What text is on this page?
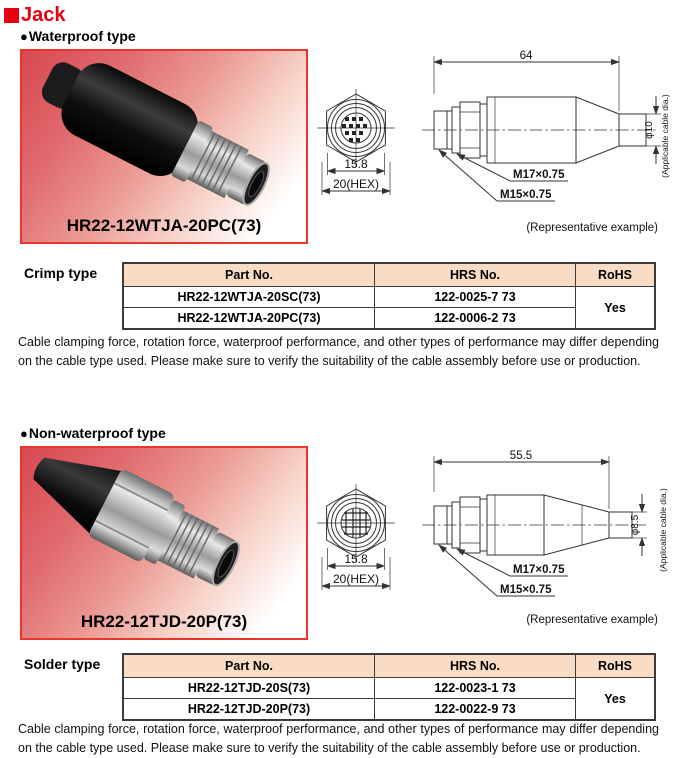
Jack
●Waterproof type
HR22-12WTJA-20PC(73)
64
15.8
20(HEX)
M17×0.75
M15×0.75
φ10 (Applicable cable dia.)
(Representative example)
Crimp type	Part No.	HRS No.	RoHS
HR22-12WTJA-20SC(73)	122-0025-7 73	Yes
HR22-12WTJA-20PC(73)	122-0006-2 73	
Cable clamping force, rotation force, waterproof performance, and other types of performance may differ depending on the cable type used. Please make sure to verify the suitability of the cable assembly before use or production.
●Non-waterproof type
HR22-12TJD-20P(73)
55.5
15.8
20(HEX)
M17×0.75
M15×0.75
φ8.5 (Applicable cable dia.)
(Representative example)
Solder type	Part No.	HRS No.	RoHS
HR22-12TJD-20S(73)	122-0023-1 73	Yes
HR22-12TJD-20P(73)	122-0022-9 73	
Cable clamping force, rotation force, waterproof performance, and other types of performance may differ depending on the cable type used. Please make sure to verify the suitability of the cable assembly before use or production.
